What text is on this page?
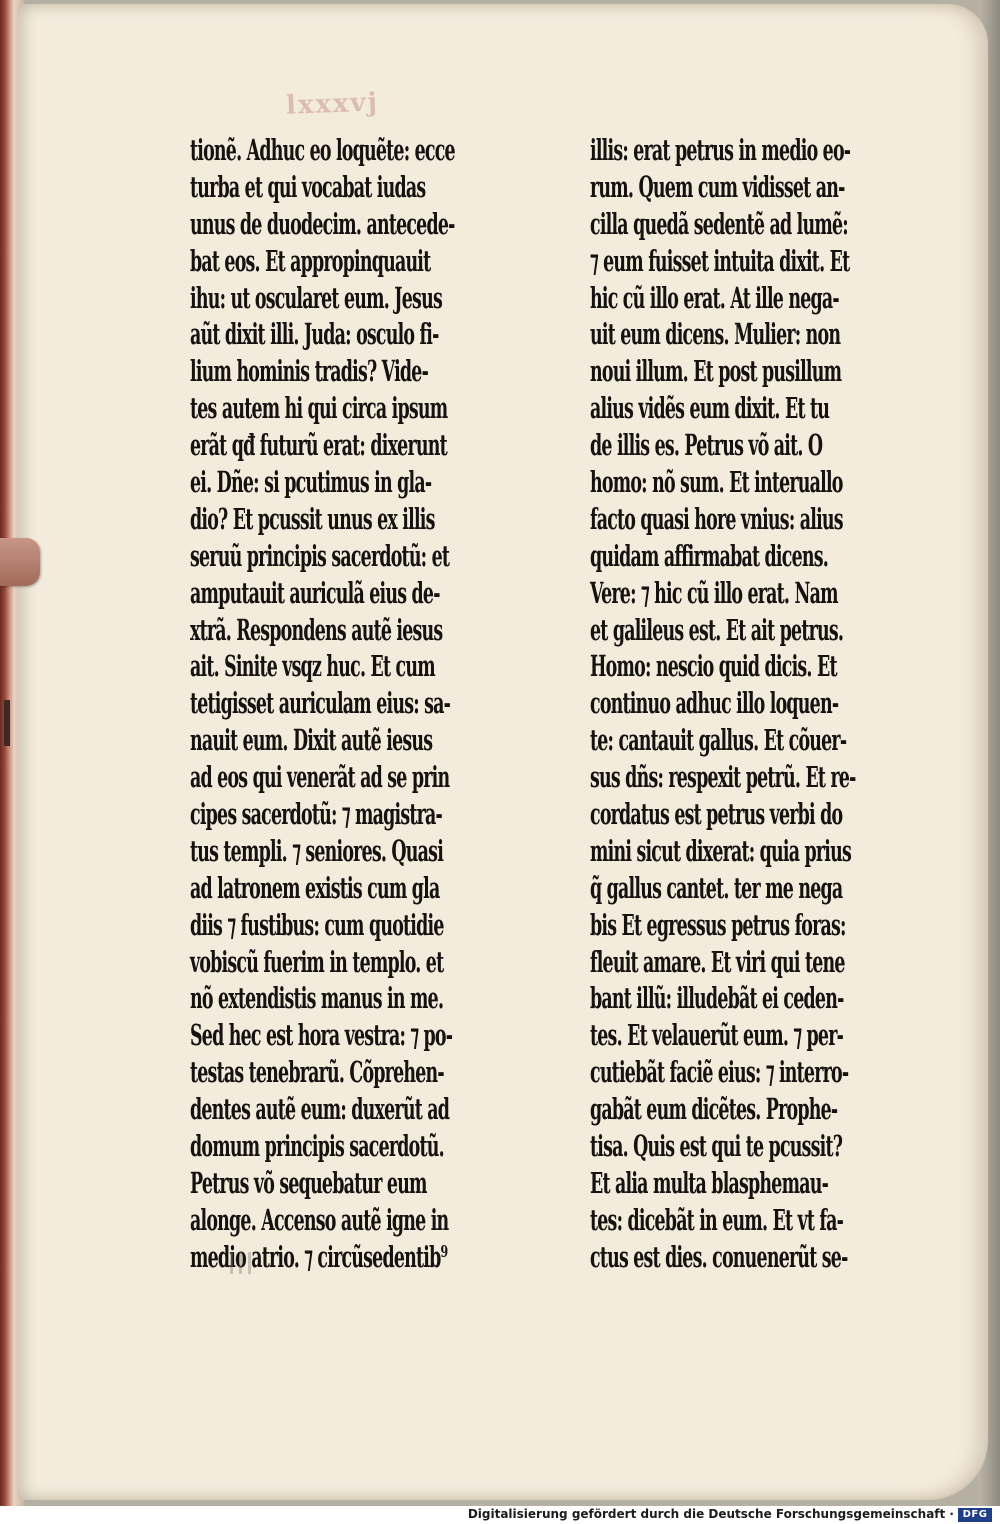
lxxxvj
tionẽ. Adhuc eo loquẽte: ecce
turba et qui vocabat iudas
unus de duodecim. antecede-
bat eos. Et appropinquauit
ihu: ut oscularet eum. Jesus
aũt dixit illi. Juda: osculo fi-
lium hominis tradis? Vide-
tes autem hi qui circa ipsum
erãt qđ futurũ erat: dixerunt
ei. Dñe: si pcutimus in gla-
dio? Et pcussit unus ex illis
seruũ principis sacerdotũ: et
amputauit auriculã eius de-
xtrã. Respondens autẽ iesus
ait. Sinite vsqz huc. Et cum
tetigisset auriculam eius: sa-
nauit eum. Dixit autẽ iesus
ad eos qui venerãt ad se prin
cipes sacerdotũ: ⁊ magistra-
tus templi. ⁊ seniores. Quasi
ad latronem existis cum gla
diis ⁊ fustibus: cum quotidie
vobiscũ fuerim in templo. et
nõ extendistis manus in me.
Sed hec est hora vestra: ⁊ po-
testas tenebrarũ. Cõprehen-
dentes autẽ eum: duxerũt ad
domum principis sacerdotũ.
Petrus võ sequebatur eum
alonge. Accenso autẽ igne in
medio atrio. ⁊ circũsedentib⁹
illis: erat petrus in medio eo-
rum. Quem cum vidisset an-
cilla quedã sedentẽ ad lumẽ:
⁊ eum fuisset intuita dixit. Et
hic cũ illo erat. At ille nega-
uit eum dicens. Mulier: non
noui illum. Et post pusillum
alius vidẽs eum dixit. Et tu
de illis es. Petrus võ ait. O
homo: nõ sum. Et interuallo
facto quasi hore vnius: alius
quidam affirmabat dicens.
Vere: ⁊ hic cũ illo erat. Nam
et galileus est. Et ait petrus.
Homo: nescio quid dicis. Et
continuo adhuc illo loquen-
te: cantauit gallus. Et cõuer-
sus dñs: respexit petrũ. Et re-
cordatus est petrus verbi do
mini sicut dixerat: quia prius
q̃ gallus cantet. ter me nega
bis Et egressus petrus foras:
fleuit amare. Et viri qui tene
bant illũ: illudebãt ei ceden-
tes. Et velauerũt eum. ⁊ per-
cutiebãt faciẽ eius: ⁊ interro-
gabãt eum dicẽtes. Prophe-
tisa. Quis est qui te pcussit?
Et alia multa blasphemau-
tes: dicebãt in eum. Et vt fa-
ctus est dies. conuenerũt se-
Digitalisierung gefördert durch die Deutsche Forschungsgemeinschaft · DFG
